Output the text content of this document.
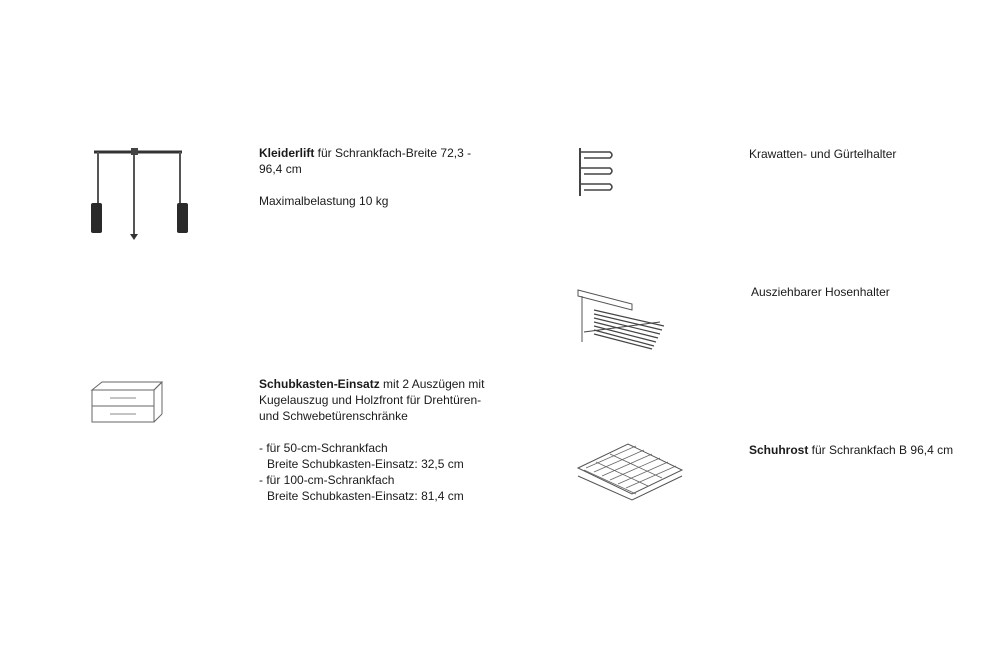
Kleiderlift für Schrankfach-Breite 72,3 -
96,4 cm
Maximalbelastung 10 kg
Schubkasten-Einsatz mit 2 Auszügen mit
Kugelauszug und Holzfront für Drehtüren-
und Schwebetürenschränke
- für 50-cm-Schrankfach
Breite Schubkasten-Einsatz: 32,5 cm
- für 100-cm-Schrankfach
Breite Schubkasten-Einsatz: 81,4 cm
Krawatten- und Gürtelhalter
Ausziehbarer Hosenhalter
Schuhrost für Schrankfach B 96,4 cm
